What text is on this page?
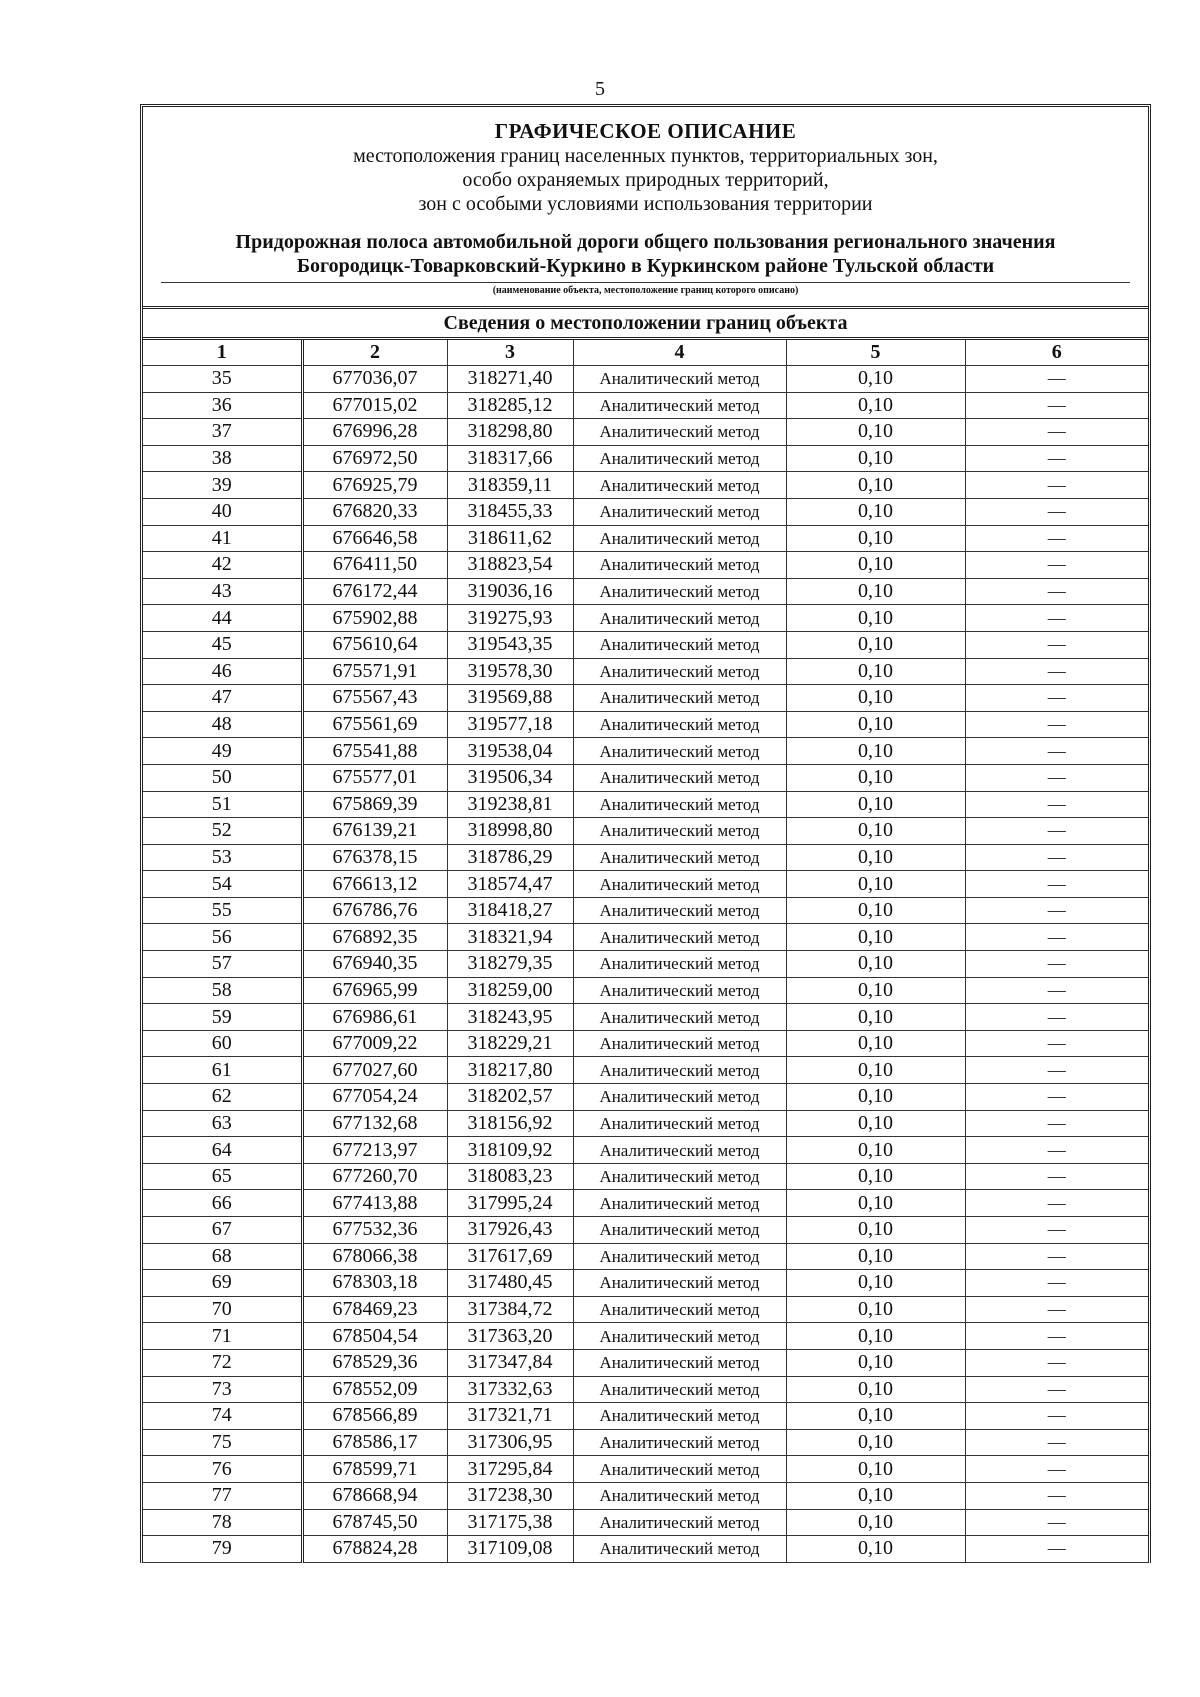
5
ГРАФИЧЕСКОЕ ОПИСАНИЕ
местоположения границ населенных пунктов, территориальных зон,
особо охраняемых природных территорий,
зон с особыми условиями использования территории
Придорожная полоса автомобильной дороги общего пользования регионального значения
Богородицк-Товарковский-Куркино в Куркинском районе Тульской области
(наименование объекта, местоположение границ которого описано)
Сведения о местоположении границ объекта
1	2	3	4	5	6
35	677036,07	318271,40	Аналитический метод	0,10	—
36	677015,02	318285,12	Аналитический метод	0,10	—
37	676996,28	318298,80	Аналитический метод	0,10	—
38	676972,50	318317,66	Аналитический метод	0,10	—
39	676925,79	318359,11	Аналитический метод	0,10	—
40	676820,33	318455,33	Аналитический метод	0,10	—
41	676646,58	318611,62	Аналитический метод	0,10	—
42	676411,50	318823,54	Аналитический метод	0,10	—
43	676172,44	319036,16	Аналитический метод	0,10	—
44	675902,88	319275,93	Аналитический метод	0,10	—
45	675610,64	319543,35	Аналитический метод	0,10	—
46	675571,91	319578,30	Аналитический метод	0,10	—
47	675567,43	319569,88	Аналитический метод	0,10	—
48	675561,69	319577,18	Аналитический метод	0,10	—
49	675541,88	319538,04	Аналитический метод	0,10	—
50	675577,01	319506,34	Аналитический метод	0,10	—
51	675869,39	319238,81	Аналитический метод	0,10	—
52	676139,21	318998,80	Аналитический метод	0,10	—
53	676378,15	318786,29	Аналитический метод	0,10	—
54	676613,12	318574,47	Аналитический метод	0,10	—
55	676786,76	318418,27	Аналитический метод	0,10	—
56	676892,35	318321,94	Аналитический метод	0,10	—
57	676940,35	318279,35	Аналитический метод	0,10	—
58	676965,99	318259,00	Аналитический метод	0,10	—
59	676986,61	318243,95	Аналитический метод	0,10	—
60	677009,22	318229,21	Аналитический метод	0,10	—
61	677027,60	318217,80	Аналитический метод	0,10	—
62	677054,24	318202,57	Аналитический метод	0,10	—
63	677132,68	318156,92	Аналитический метод	0,10	—
64	677213,97	318109,92	Аналитический метод	0,10	—
65	677260,70	318083,23	Аналитический метод	0,10	—
66	677413,88	317995,24	Аналитический метод	0,10	—
67	677532,36	317926,43	Аналитический метод	0,10	—
68	678066,38	317617,69	Аналитический метод	0,10	—
69	678303,18	317480,45	Аналитический метод	0,10	—
70	678469,23	317384,72	Аналитический метод	0,10	—
71	678504,54	317363,20	Аналитический метод	0,10	—
72	678529,36	317347,84	Аналитический метод	0,10	—
73	678552,09	317332,63	Аналитический метод	0,10	—
74	678566,89	317321,71	Аналитический метод	0,10	—
75	678586,17	317306,95	Аналитический метод	0,10	—
76	678599,71	317295,84	Аналитический метод	0,10	—
77	678668,94	317238,30	Аналитический метод	0,10	—
78	678745,50	317175,38	Аналитический метод	0,10	—
79	678824,28	317109,08	Аналитический метод	0,10	—
